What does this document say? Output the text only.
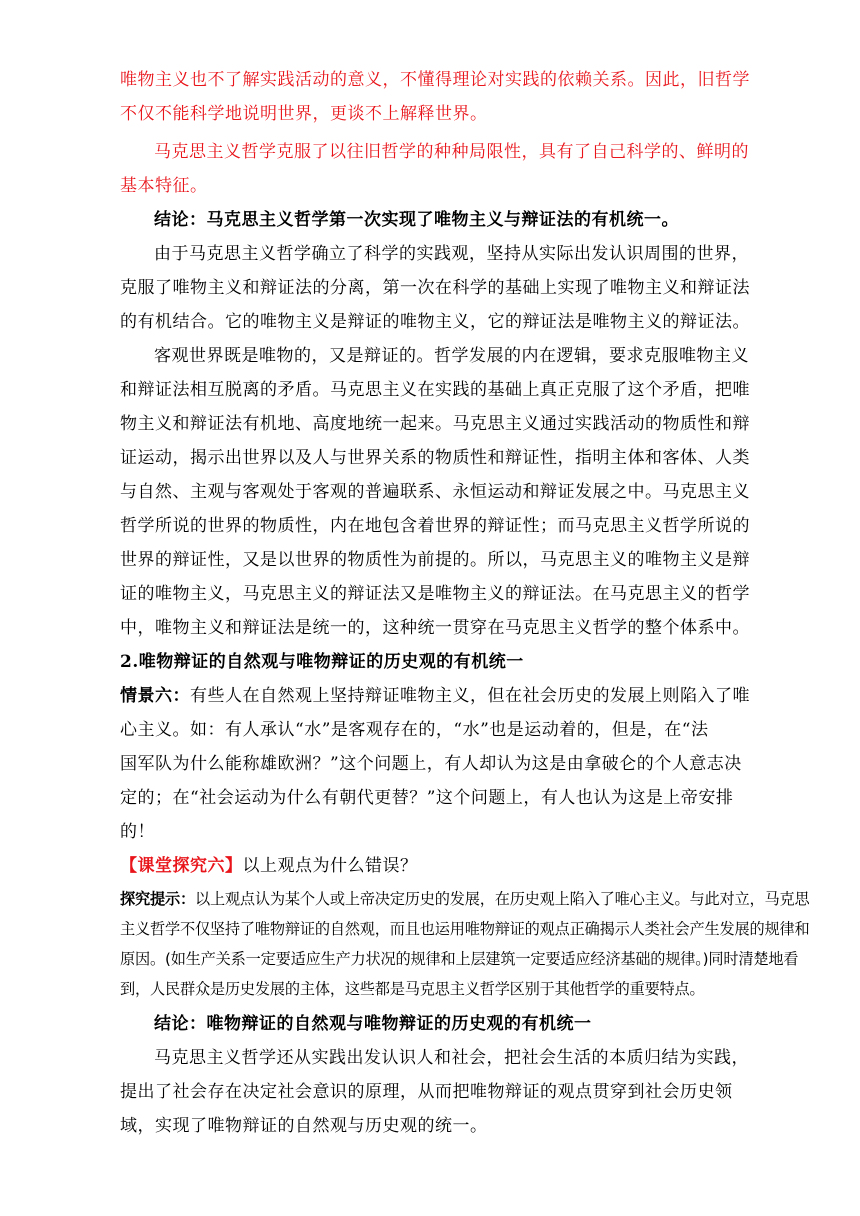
唯物主义也不了解实践活动的意义，不懂得理论对实践的依赖关系。因此，旧哲学
不仅不能科学地说明世界，更谈不上解释世界。
马克思主义哲学克服了以往旧哲学的种种局限性，具有了自己科学的、鲜明的
基本特征。
结论：马克思主义哲学第一次实现了唯物主义与辩证法的有机统一。
由于马克思主义哲学确立了科学的实践观，坚持从实际出发认识周围的世界，
克服了唯物主义和辩证法的分离，第一次在科学的基础上实现了唯物主义和辩证法
的有机结合。它的唯物主义是辩证的唯物主义，它的辩证法是唯物主义的辩证法。
客观世界既是唯物的，又是辩证的。哲学发展的内在逻辑，要求克服唯物主义
和辩证法相互脱离的矛盾。马克思主义在实践的基础上真正克服了这个矛盾，把唯
物主义和辩证法有机地、高度地统一起来。马克思主义通过实践活动的物质性和辩
证运动，揭示出世界以及人与世界关系的物质性和辩证性，指明主体和客体、人类
与自然、主观与客观处于客观的普遍联系、永恒运动和辩证发展之中。马克思主义
哲学所说的世界的物质性，内在地包含着世界的辩证性；而马克思主义哲学所说的
世界的辩证性，又是以世界的物质性为前提的。所以，马克思主义的唯物主义是辩
证的唯物主义，马克思主义的辩证法又是唯物主义的辩证法。在马克思主义的哲学
中，唯物主义和辩证法是统一的，这种统一贯穿在马克思主义哲学的整个体系中。
2.唯物辩证的自然观与唯物辩证的历史观的有机统一
情景六：有些人在自然观上坚持辩证唯物主义，但在社会历史的发展上则陷入了唯
心主义。如：有人承认“水”是客观存在的，“水”也是运动着的，但是，在“法
国军队为什么能称雄欧洲？”这个问题上，有人却认为这是由拿破仑的个人意志决
定的；在“社会运动为什么有朝代更替？”这个问题上，有人也认为这是上帝安排
的！
【课堂探究六】以上观点为什么错误？
探究提示：以上观点认为某个人或上帝决定历史的发展，在历史观上陷入了唯心主义。与此对立，马克思
主义哲学不仅坚持了唯物辩证的自然观，而且也运用唯物辩证的观点正确揭示人类社会产生发展的规律和
原因。(如生产关系一定要适应生产力状况的规律和上层建筑一定要适应经济基础的规律。)同时清楚地看
到，人民群众是历史发展的主体，这些都是马克思主义哲学区别于其他哲学的重要特点。
结论：唯物辩证的自然观与唯物辩证的历史观的有机统一
马克思主义哲学还从实践出发认识人和社会，把社会生活的本质归结为实践，
提出了社会存在决定社会意识的原理，从而把唯物辩证的观点贯穿到社会历史领
域，实现了唯物辩证的自然观与历史观的统一。
